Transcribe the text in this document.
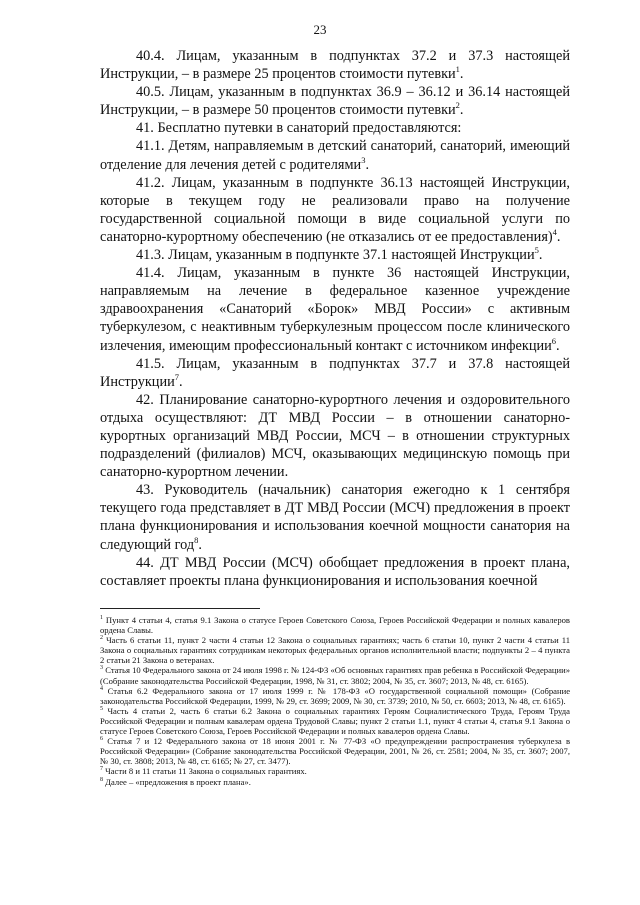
23

40.4. Лицам, указанным в подпунктах 37.2 и 37.3 настоящей Инструкции, – в размере 25 процентов стоимости путевки$^1$.

40.5. Лицам, указанным в подпунктах 36.9 – 36.12 и 36.14 настоящей Инструкции, – в размере 50 процентов стоимости путевки$^2$.

41. Бесплатно путевки в санаторий предоставляются:

41.1. Детям, направляемым в детский санаторий, санаторий, имеющий отделение для лечения детей с родителями$^3$.

41.2. Лицам, указанным в подпункте 36.13 настоящей Инструкции, которые в текущем году не реализовали право на получение государственной социальной помощи в виде социальной услуги по санаторно-курортному обеспечению (не отказались от ее предоставления)$^4$.

41.3. Лицам, указанным в подпункте 37.1 настоящей Инструкции$^5$.

41.4. Лицам, указанным в пункте 36 настоящей Инструкции, направляемым на лечение в федеральное казенное учреждение здравоохранения «Санаторий «Борок» МВД России» с активным туберкулезом, с неактивным туберкулезным процессом после клинического излечения, имеющим профессиональный контакт с источником инфекции$^6$.

41.5. Лицам, указанным в подпунктах 37.7 и 37.8 настоящей Инструкции$^7$.

42. Планирование санаторно-курортного лечения и оздоровительного отдыха осуществляют: ДТ МВД России – в отношении санаторно-курортных организаций МВД России, МСЧ – в отношении структурных подразделений (филиалов) МСЧ, оказывающих медицинскую помощь при санаторно-курортном лечении.

43. Руководитель (начальник) санатория ежегодно к 1 сентября текущего года представляет в ДТ МВД России (МСЧ) предложения в проект плана функционирования и использования коечной мощности санатория на следующий год$^8$.

44. ДТ МВД России (МСЧ) обобщает предложения в проект плана, составляет проекты плана функционирования и использования коечной

$^1$ Пункт 4 статьи 4, статья 9.1 Закона о статусе Героев Советского Союза, Героев Российской Федерации и полных кавалеров ордена Славы.

$^2$ Часть 6 статьи 11, пункт 2 части 4 статьи 12 Закона о социальных гарантиях; часть 6 статьи 10, пункт 2 части 4 статьи 11 Закона о социальных гарантиях сотрудникам некоторых федеральных органов исполнительной власти; подпункты 2 – 4 пункта 2 статьи 21 Закона о ветеранах.

$^3$ Статья 10 Федерального закона от 24 июля 1998 г. № 124-ФЗ «Об основных гарантиях прав ребенка в Российской Федерации» (Собрание законодательства Российской Федерации, 1998, № 31, ст. 3802; 2004, № 35, ст. 3607; 2013, № 48, ст. 6165).

$^4$ Статья 6.2 Федерального закона от 17 июля 1999 г. № 178-ФЗ «О государственной социальной помощи» (Собрание законодательства Российской Федерации, 1999, № 29, ст. 3699; 2009, № 30, ст. 3739; 2010, № 50, ст. 6603; 2013, № 48, ст. 6165).

$^5$ Часть 4 статьи 2, часть 6 статьи 6.2 Закона о социальных гарантиях Героям Социалистического Труда, Героям Труда Российской Федерации и полным кавалерам ордена Трудовой Славы; пункт 2 статьи 1.1, пункт 4 статьи 4, статья 9.1 Закона о статусе Героев Советского Союза, Героев Российской Федерации и полных кавалеров ордена Славы.

$^6$ Статья 7 и 12 Федерального закона от 18 июня 2001 г. № 77-ФЗ «О предупреждении распространения туберкулеза в Российской Федерации» (Собрание законодательства Российской Федерации, 2001, № 26, ст. 2581; 2004, № 35, ст. 3607; 2007, № 30, ст. 3808; 2013, № 48, ст. 6165; № 27, ст. 3477).

$^7$ Части 8 и 11 статьи 11 Закона о социальных гарантиях.

$^8$ Далее – «предложения в проект плана».
